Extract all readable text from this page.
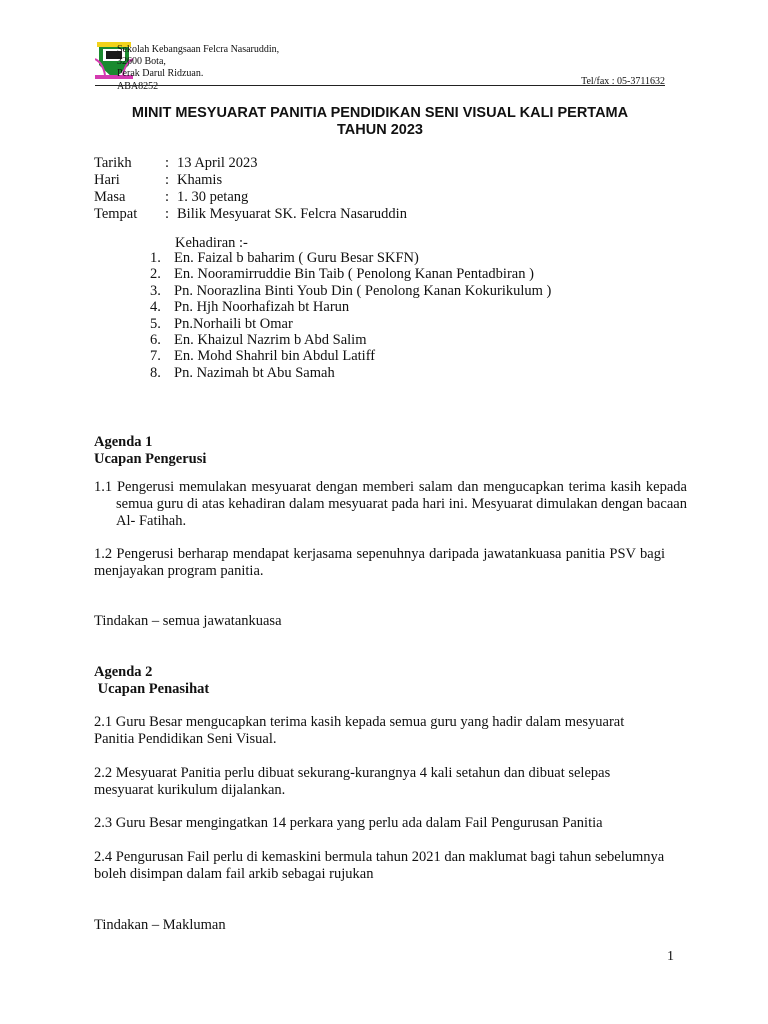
Sekolah Kebangsaan Felcra Nasaruddin,
32600 Bota,
Perak Darul Ridzuan.
ABA8252	Tel/fax : 05-3711632
MINIT MESYUARAT PANITIA PENDIDIKAN SENI VISUAL KALI PERTAMA
TAHUN 2023
Tarikh : 13 April 2023
Hari	: Khamis
Masa	: 1. 30 petang
Tempat : Bilik Mesyuarat SK. Felcra Nasaruddin
Kehadiran :-
1. En. Faizal b baharim ( Guru Besar SKFN)
2. En. Nooramirruddie Bin Taib ( Penolong Kanan Pentadbiran )
3. Pn. Noorazlina Binti Youb Din ( Penolong Kanan Kokurikulum )
4. Pn. Hjh Noorhafizah bt Harun
5. Pn.Norhaili bt Omar
6. En. Khaizul Nazrim b Abd Salim
7. En. Mohd Shahril bin Abdul Latiff
8. Pn. Nazimah bt Abu Samah
Agenda 1
Ucapan Pengerusi
1.1 Pengerusi memulakan mesyuarat dengan memberi salam dan mengucapkan terima kasih kepada semua guru di atas kehadiran dalam mesyuarat pada hari ini. Mesyuarat dimulakan dengan bacaan Al- Fatihah.
1.2 Pengerusi berharap mendapat kerjasama sepenuhnya daripada jawatankuasa panitia PSV bagi menjayakan program panitia.
Tindakan – semua jawatankuasa
Agenda 2
Ucapan Penasihat
2.1 Guru Besar mengucapkan terima kasih kepada semua guru yang hadir dalam mesyuarat Panitia Pendidikan Seni Visual.
2.2 Mesyuarat Panitia perlu dibuat sekurang-kurangnya 4 kali setahun dan dibuat selepas mesyuarat kurikulum dijalankan.
2.3 Guru Besar mengingatkan 14 perkara yang perlu ada dalam Fail Pengurusan Panitia
2.4 Pengurusan Fail perlu di kemaskini bermula tahun 2021 dan maklumat bagi tahun sebelumnya boleh disimpan dalam fail arkib sebagai rujukan
Tindakan – Makluman
1
